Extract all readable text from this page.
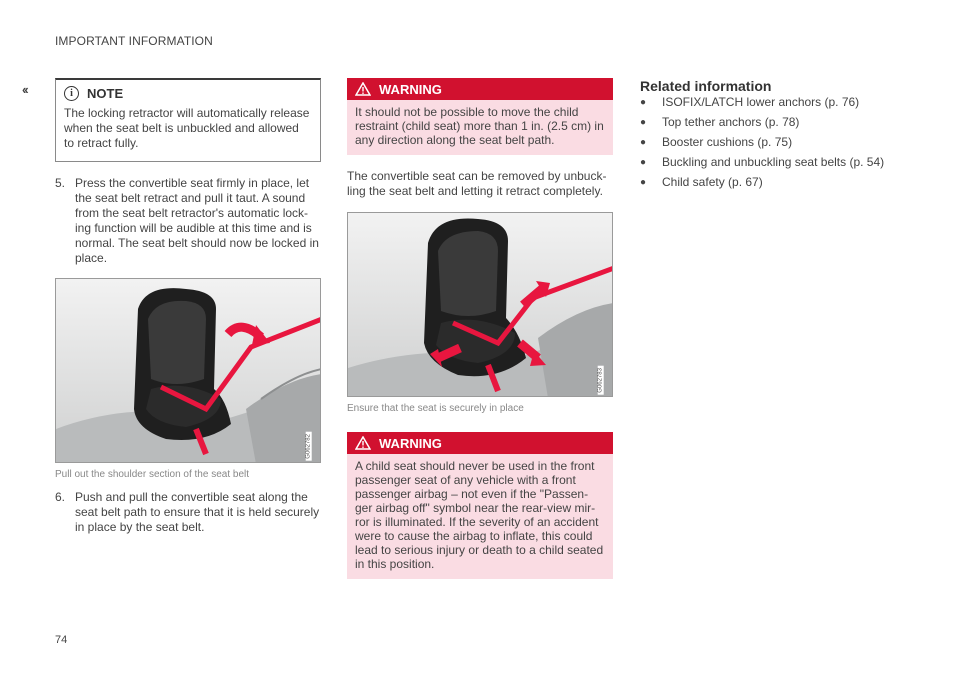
IMPORTANT INFORMATION
‹‹	i	NOTE
The locking retractor will automatically release when the seat belt is unbuckled and allowed to retract fully.
5. Press the convertible seat firmly in place, let the seat belt retract and pull it taut. A sound from the seat belt retractor's automatic lock-ing function will be audible at this time and is normal. The seat belt should now be locked in place.
G062782
Pull out the shoulder section of the seat belt
6. Push and pull the convertible seat along the seat belt path to ensure that it is held securely in place by the seat belt.
WARNING
It should not be possible to move the child restraint (child seat) more than 1 in. (2.5 cm) in any direction along the seat belt path.
The convertible seat can be removed by unbuck-ling the seat belt and letting it retract completely.
G062783
Ensure that the seat is securely in place
WARNING
A child seat should never be used in the front passenger seat of any vehicle with a front passenger airbag – not even if the "Passen-ger airbag off" symbol near the rear-view mir-ror is illuminated. If the severity of an accident were to cause the airbag to inflate, this could lead to serious injury or death to a child seated in this position.
Related information
●	ISOFIX/LATCH lower anchors (p. 76)
●	Top tether anchors (p. 78)
●	Booster cushions (p. 75)
●	Buckling and unbuckling seat belts (p. 54)
●	Child safety (p. 67)
74
